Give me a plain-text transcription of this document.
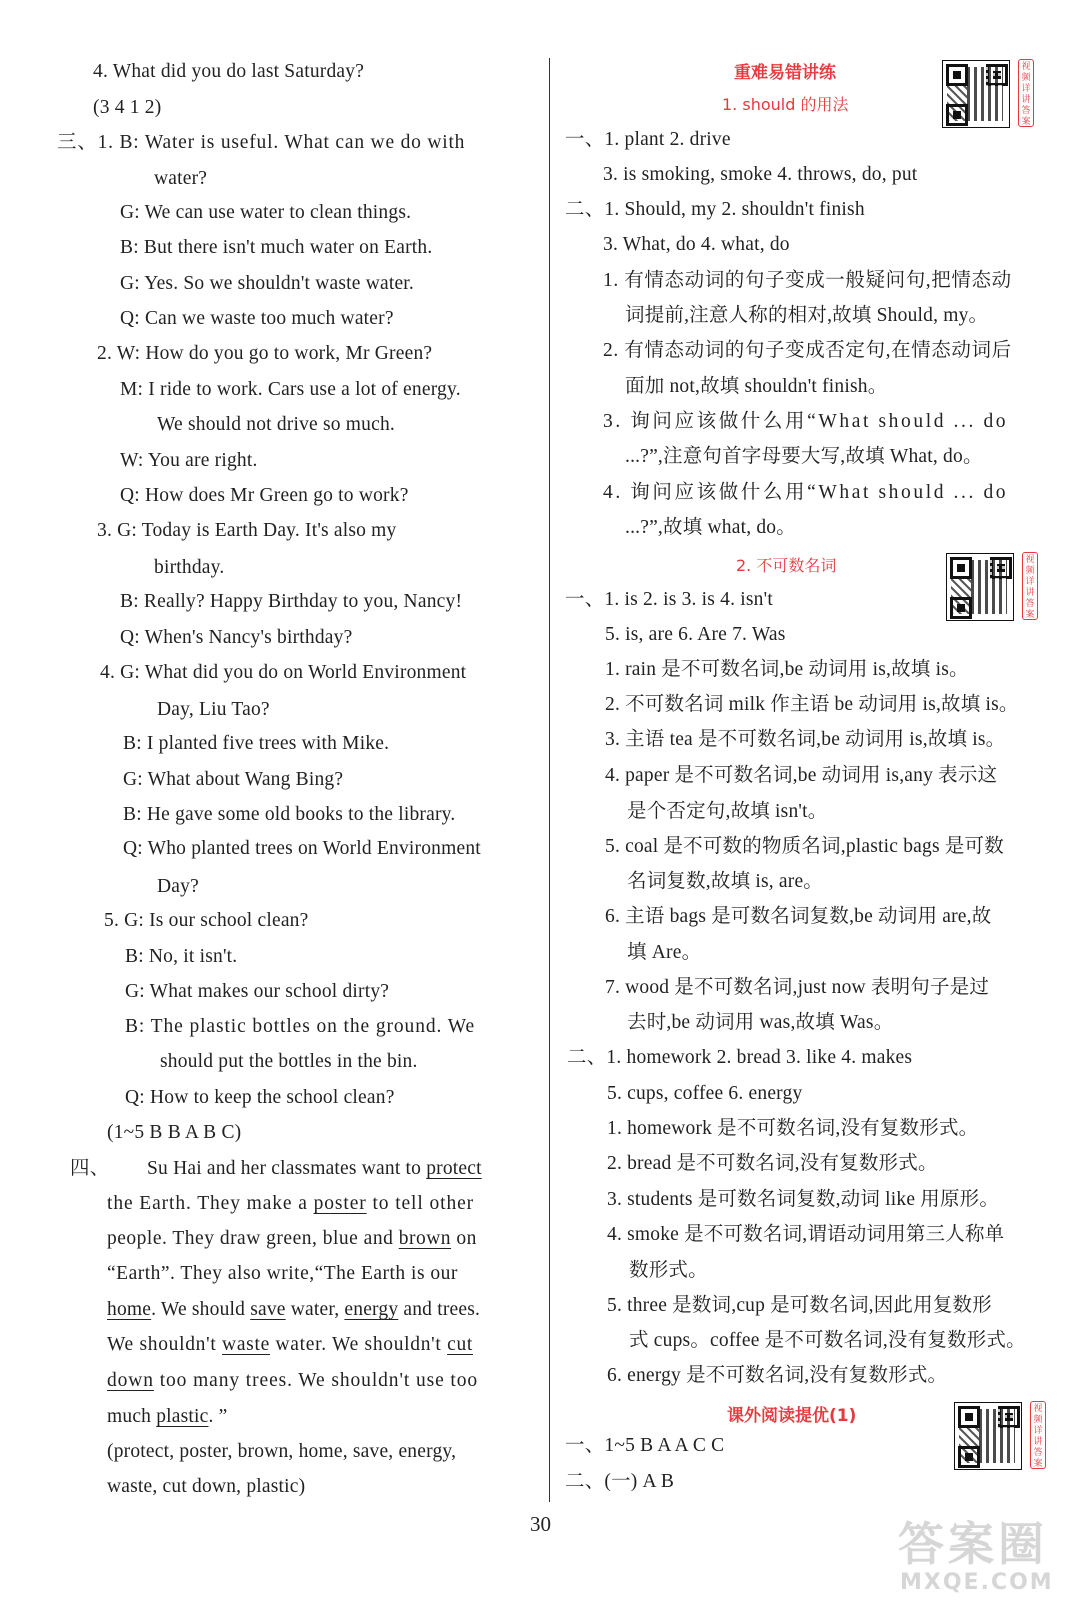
4. What did you do last Saturday?
(3 4 1 2)
三、1. B: Water is useful. What can we do with
water?
G: We can use water to clean things.
B: But there isn't much water on Earth.
G: Yes. So we shouldn't waste water.
Q: Can we waste too much water?
2. W: How do you go to work, Mr Green?
M: I ride to work. Cars use a lot of energy.
We should not drive so much.
W: You are right.
Q: How does Mr Green go to work?
3. G: Today is Earth Day. It's also my
birthday.
B: Really? Happy Birthday to you, Nancy!
Q: When's Nancy's birthday?
4. G: What did you do on World Environment
Day, Liu Tao?
B: I planted five trees with Mike.
G: What about Wang Bing?
B: He gave some old books to the library.
Q: Who planted trees on World Environment
Day?
5. G: Is our school clean?
B: No, it isn't.
G: What makes our school dirty?
B: The plastic bottles on the ground. We
should put the bottles in the bin.
Q: How to keep the school clean?
(1~5 B B A B C)
四、 Su Hai and her classmates want to protect
the Earth. They make a poster to tell other
people. They draw green, blue and brown on
“Earth”. They also write,“The Earth is our
home. We should save water, energy and trees.
We shouldn't waste water. We shouldn't cut
down too many trees. We shouldn't use too
much plastic. ”
(protect, poster, brown, home, save, energy,
waste, cut down, plastic)
重难易错讲练
1. should 的用法
视频详讲答案
一、1. plant 2. drive
3. is smoking, smoke 4. throws, do, put
二、1. Should, my 2. shouldn't finish
3. What, do 4. what, do
1. 有情态动词的句子变成一般疑问句,把情态动
词提前,注意人称的相对,故填 Should, my。
2. 有情态动词的句子变成否定句,在情态动词后
面加 not,故填 shouldn't finish。
3. 询问应该做什么用“What should ... do
...?”,注意句首字母要大写,故填 What, do。
4. 询问应该做什么用“What should ... do
...?”,故填 what, do。
2. 不可数名词	视频详讲答案
一、1. is 2. is 3. is 4. isn't
5. is, are 6. Are 7. Was
1. rain 是不可数名词,be 动词用 is,故填 is。
2. 不可数名词 milk 作主语 be 动词用 is,故填 is。
3. 主语 tea 是不可数名词,be 动词用 is,故填 is。
4. paper 是不可数名词,be 动词用 is,any 表示这
是个否定句,故填 isn't。
5. coal 是不可数的物质名词,plastic bags 是可数
名词复数,故填 is, are。
6. 主语 bags 是可数名词复数,be 动词用 are,故
填 Are。
7. wood 是不可数名词,just now 表明句子是过
去时,be 动词用 was,故填 Was。
二、1. homework 2. bread 3. like 4. makes
5. cups, coffee 6. energy
1. homework 是不可数名词,没有复数形式。
2. bread 是不可数名词,没有复数形式。
3. students 是可数名词复数,动词 like 用原形。
4. smoke 是不可数名词,谓语动词用第三人称单
数形式。
5. three 是数词,cup 是可数名词,因此用复数形
式 cups。coffee 是不可数名词,没有复数形式。
6. energy 是不可数名词,没有复数形式。
课外阅读提优(1)	视频详讲答案
一、1~5 B A A C C
二、(一) A B
30	答案圈
MXQE.COM
